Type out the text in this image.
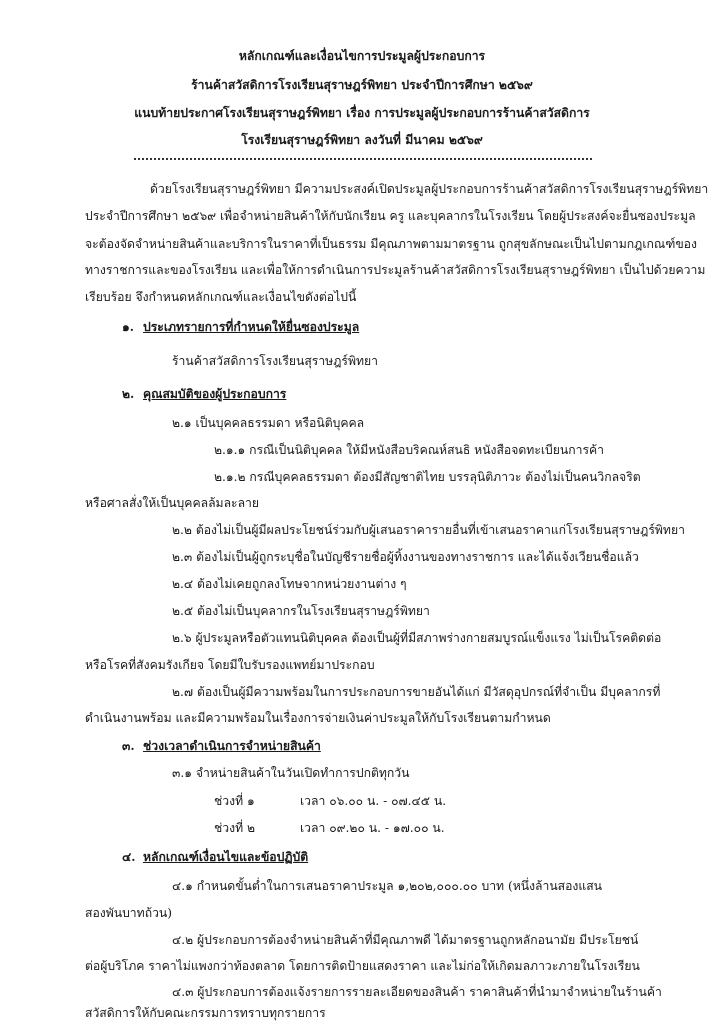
หลักเกณฑ์และเงื่อนไขการประมูลผู้ประกอบการ
ร้านค้าสวัสดิการโรงเรียนสุราษฎร์พิทยา ประจำปีการศึกษา ๒๕๖๙
แนบท้ายประกาศโรงเรียนสุราษฎร์พิทยา เรื่อง การประมูลผู้ประกอบการร้านค้าสวัสดิการ
โรงเรียนสุราษฎร์พิทยา ลงวันที่ มีนาคม ๒๕๖๙
ด้วยโรงเรียนสุราษฎร์พิทยา มีความประสงค์เปิดประมูลผู้ประกอบการร้านค้าสวัสดิการโรงเรียนสุราษฎร์พิทยา
ประจำปีการศึกษา ๒๕๖๙ เพื่อจำหน่ายสินค้าให้กับนักเรียน ครู และบุคลากรในโรงเรียน โดยผู้ประสงค์จะยื่นซองประมูล
จะต้องจัดจำหน่ายสินค้าและบริการในราคาที่เป็นธรรม มีคุณภาพตามมาตรฐาน ถูกสุขลักษณะเป็นไปตามกฎเกณฑ์ของ
ทางราชการและของโรงเรียน และเพื่อให้การดำเนินการประมูลร้านค้าสวัสดิการโรงเรียนสุราษฎร์พิทยา เป็นไปด้วยความ
เรียบร้อย จึงกำหนดหลักเกณฑ์และเงื่อนไขดังต่อไปนี้
๑. ประเภทรายการที่กำหนดให้ยื่นซองประมูล
ร้านค้าสวัสดิการโรงเรียนสุราษฎร์พิทยา
๒. คุณสมบัติของผู้ประกอบการ
๒.๑ เป็นบุคคลธรรมดา หรือนิติบุคคล
๒.๑.๑ กรณีเป็นนิติบุคคล ให้มีหนังสือบริคณห์สนธิ หนังสือจดทะเบียนการค้า
๒.๑.๒ กรณีบุคคลธรรมดา ต้องมีสัญชาติไทย บรรลุนิติภาวะ ต้องไม่เป็นคนวิกลจริต
หรือศาลสั่งให้เป็นบุคคลล้มละลาย
๒.๒ ต้องไม่เป็นผู้มีผลประโยชน์ร่วมกับผู้เสนอราคารายอื่นที่เข้าเสนอราคาแก่โรงเรียนสุราษฎร์พิทยา
๒.๓ ต้องไม่เป็นผู้ถูกระบุชื่อในบัญชีรายชื่อผู้ทิ้งงานของทางราชการ และได้แจ้งเวียนชื่อแล้ว
๒.๔ ต้องไม่เคยถูกลงโทษจากหน่วยงานต่าง ๆ
๒.๕ ต้องไม่เป็นบุคลากรในโรงเรียนสุราษฎร์พิทยา
๒.๖ ผู้ประมูลหรือตัวแทนนิติบุคคล ต้องเป็นผู้ที่มีสภาพร่างกายสมบูรณ์แข็งแรง ไม่เป็นโรคติดต่อ
หรือโรคที่สังคมรังเกียจ โดยมีใบรับรองแพทย์มาประกอบ
๒.๗ ต้องเป็นผู้มีความพร้อมในการประกอบการขายอันได้แก่ มีวัสดุอุปกรณ์ที่จำเป็น มีบุคลากรที่
ดำเนินงานพร้อม และมีความพร้อมในเรื่องการจ่ายเงินค่าประมูลให้กับโรงเรียนตามกำหนด
๓. ช่วงเวลาดำเนินการจำหน่ายสินค้า
๓.๑ จำหน่ายสินค้าในวันเปิดทำการปกติทุกวัน
ช่วงที่ ๑	เวลา ๐๖.๐๐ น. - ๐๗.๔๕ น.
ช่วงที่ ๒	เวลา ๐๙.๒๐ น. - ๑๗.๐๐ น.
๔. หลักเกณฑ์เงื่อนไขและข้อปฏิบัติ
๔.๑ กำหนดขั้นต่ำในการเสนอราคาประมูล ๑,๒๐๒,๐๐๐.๐๐ บาท (หนึ่งล้านสองแสน
สองพันบาทถ้วน)
๔.๒ ผู้ประกอบการต้องจำหน่ายสินค้าที่มีคุณภาพดี ได้มาตรฐานถูกหลักอนามัย มีประโยชน์
ต่อผู้บริโภค ราคาไม่แพงกว่าท้องตลาด โดยการติดป้ายแสดงราคา และไม่ก่อให้เกิดมลภาวะภายในโรงเรียน
๔.๓ ผู้ประกอบการต้องแจ้งรายการรายละเอียดของสินค้า ราคาสินค้าที่นำมาจำหน่ายในร้านค้า
สวัสดิการให้กับคณะกรรมการทราบทุกรายการ
